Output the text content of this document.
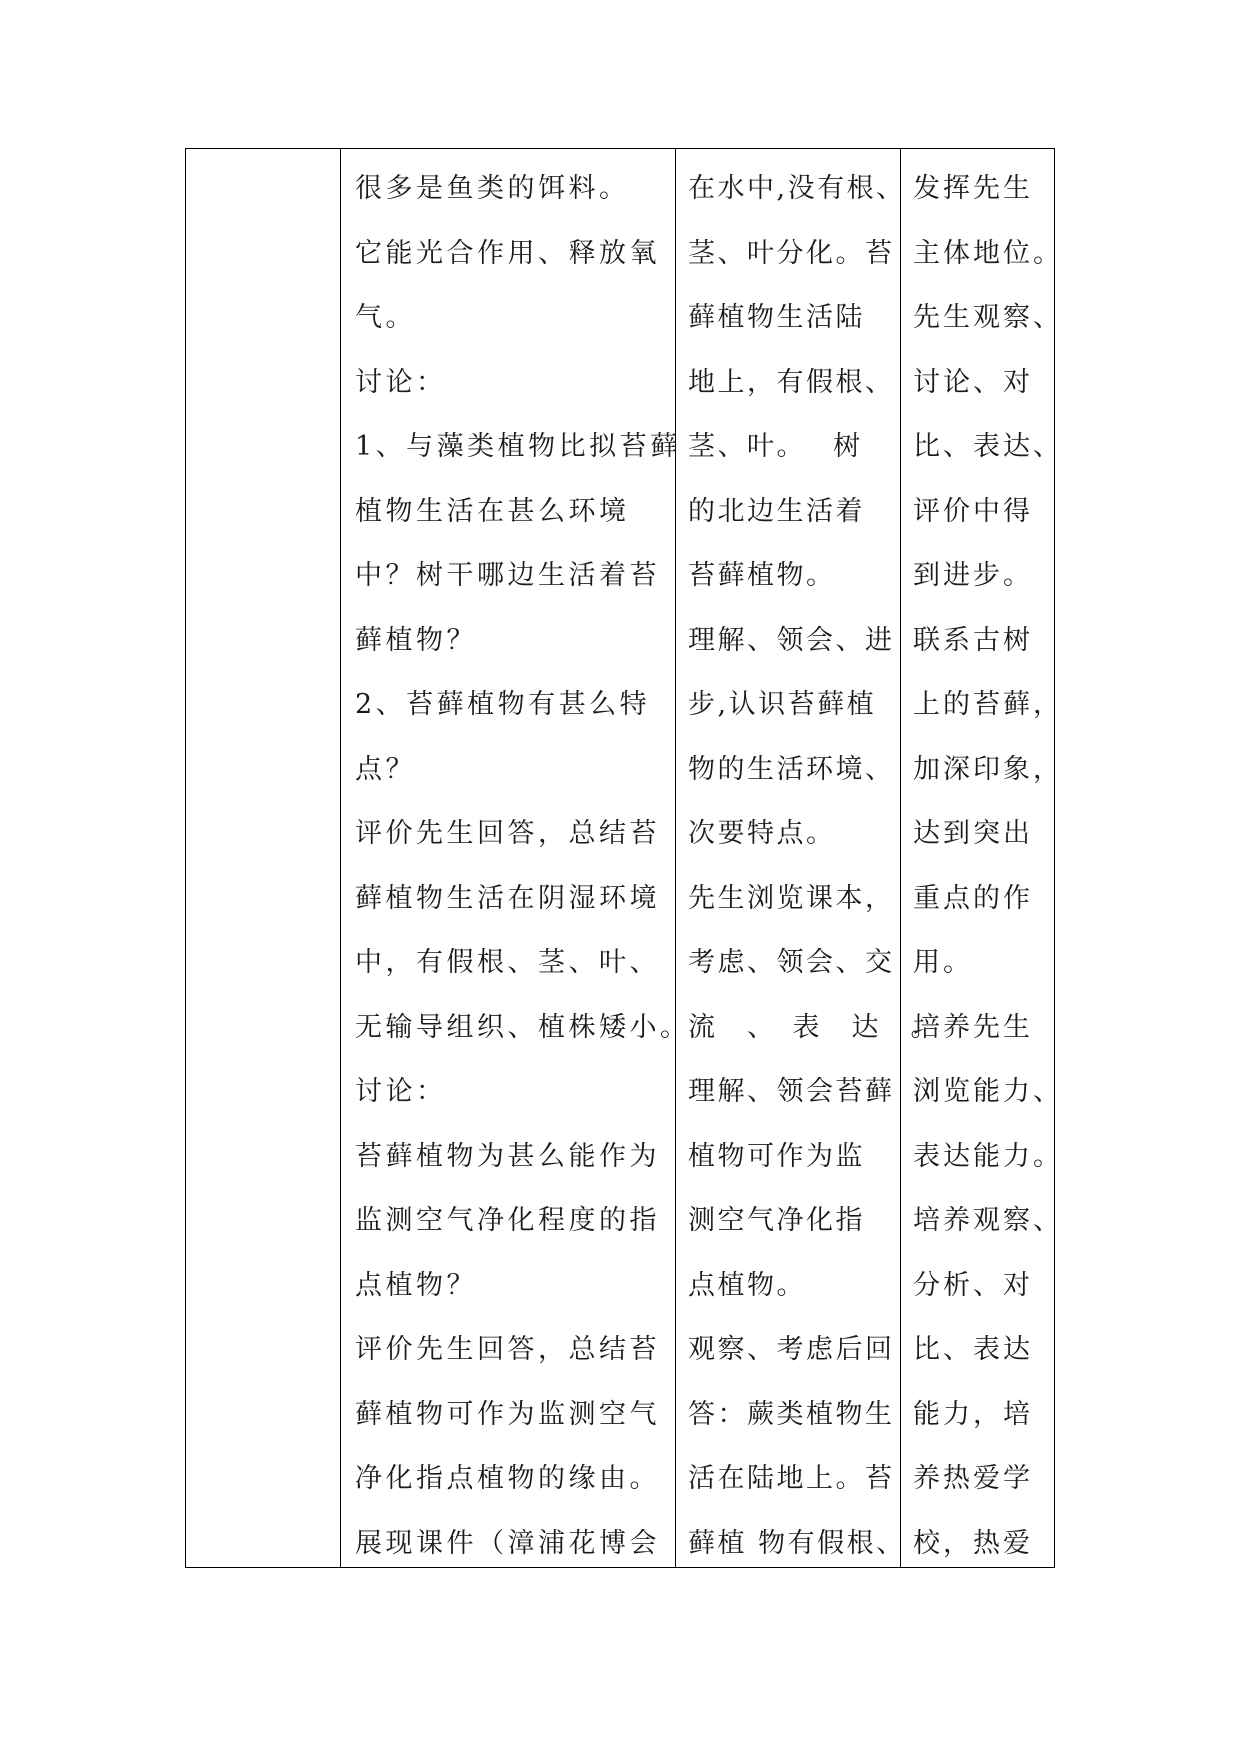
很多是鱼类的饵料。
它能光合作用、释放氧
气。
讨论：
1、与藻类植物比拟苔藓
植物生活在甚么环境
中？树干哪边生活着苔
藓植物？
2、苔藓植物有甚么特
点？
评价先生回答，总结苔
藓植物生活在阴湿环境
中，有假根、茎、叶、
无输导组织、植株矮小。
讨论：
苔藓植物为甚么能作为
监测空气净化程度的指
点植物？
评价先生回答，总结苔
藓植物可作为监测空气
净化指点植物的缘由。
展现课件（漳浦花博会
在水中,没有根、
茎、叶分化。苔
藓植物生活陆
地上，有假根、
茎、叶。　 树
的北边生活着
苔藓植物。
理解、领会、进
步,认识苔藓植
物的生活环境、
次要特点。
先生浏览课本，
考虑、领会、交
流　、　表　达　。
理解、领会苔藓
植物可作为监
测空气净化指
点植物。
观察、考虑后回
答：蕨类植物生
活在陆地上。苔
藓植 物有假根、
发挥先生
主体地位。
先生观察、
讨论、对
比、表达、
评价中得
到进步。
联系古树
上的苔藓，
加深印象，
达到突出
重点的作
用。
培养先生
浏览能力、
表达能力。
培养观察、
分析、对
比、表达
能力，培
养热爱学
校，热爱
